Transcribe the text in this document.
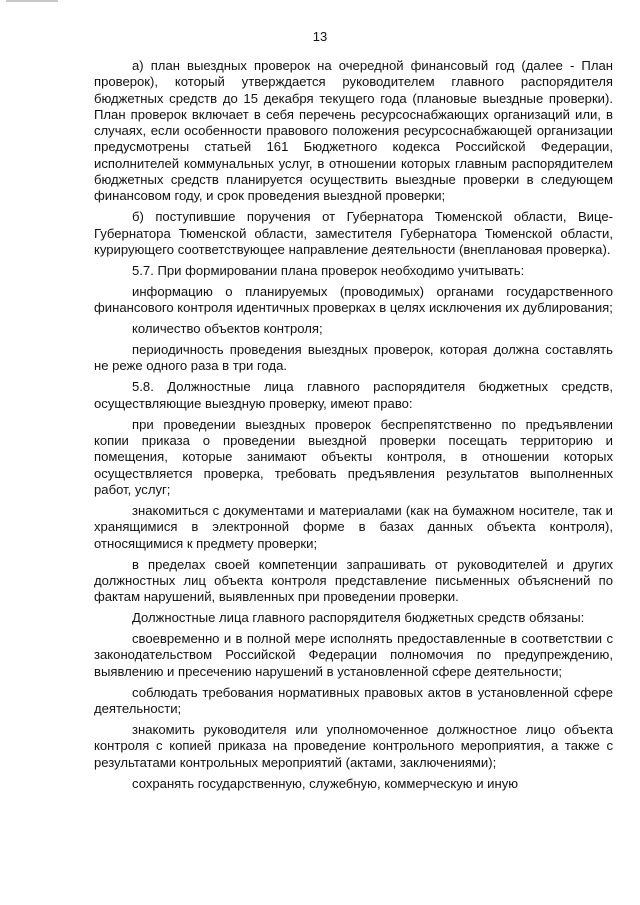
13

а) план выездных проверок на очередной финансовый год (далее - План проверок), который утверждается руководителем главного распорядителя бюджетных средств до 15 декабря текущего года (плановые выездные проверки). План проверок включает в себя перечень ресурсоснабжающих организаций или, в случаях, если особенности правового положения ресурсоснабжающей организации предусмотрены статьей 161 Бюджетного кодекса Российской Федерации, исполнителей коммунальных услуг, в отношении которых главным распорядителем бюджетных средств планируется осуществить выездные проверки в следующем финансовом году, и срок проведения выездной проверки;

б) поступившие поручения от Губернатора Тюменской области, Вице-Губернатора Тюменской области, заместителя Губернатора Тюменской области, курирующего соответствующее направление деятельности (внеплановая проверка).

5.7. При формировании плана проверок необходимо учитывать:

информацию о планируемых (проводимых) органами государственного финансового контроля идентичных проверках в целях исключения их дублирования;

количество объектов контроля;

периодичность проведения выездных проверок, которая должна составлять не реже одного раза в три года.

5.8. Должностные лица главного распорядителя бюджетных средств, осуществляющие выездную проверку, имеют право:

при проведении выездных проверок беспрепятственно по предъявлении копии приказа о проведении выездной проверки посещать территорию и помещения, которые занимают объекты контроля, в отношении которых осуществляется проверка, требовать предъявления результатов выполненных работ, услуг;

знакомиться с документами и материалами (как на бумажном носителе, так и хранящимися в электронной форме в базах данных объекта контроля), относящимися к предмету проверки;

в пределах своей компетенции запрашивать от руководителей и других должностных лиц объекта контроля представление письменных объяснений по фактам нарушений, выявленных при проведении проверки.

Должностные лица главного распорядителя бюджетных средств обязаны:

своевременно и в полной мере исполнять предоставленные в соответствии с законодательством Российской Федерации полномочия по предупреждению, выявлению и пресечению нарушений в установленной сфере деятельности;

соблюдать требования нормативных правовых актов в установленной сфере деятельности;

знакомить руководителя или уполномоченное должностное лицо объекта контроля с копией приказа на проведение контрольного мероприятия, а также с результатами контрольных мероприятий (актами, заключениями);

сохранять государственную, служебную, коммерческую и иную
